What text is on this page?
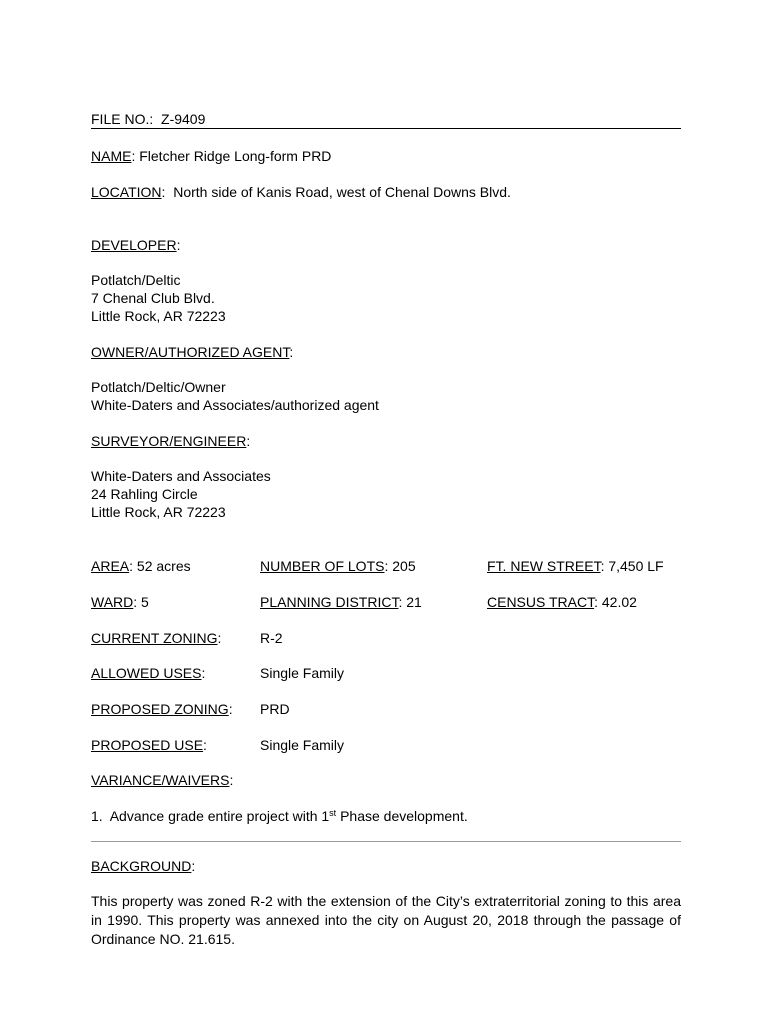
FILE NO.: Z-9409
NAME: Fletcher Ridge Long-form PRD
LOCATION:  North side of Kanis Road, west of Chenal Downs Blvd.
DEVELOPER:
Potlatch/Deltic
7 Chenal Club Blvd.
Little Rock, AR 72223
OWNER/AUTHORIZED AGENT:
Potlatch/Deltic/Owner
White-Daters and Associates/authorized agent
SURVEYOR/ENGINEER:
White-Daters and Associates
24 Rahling Circle
Little Rock, AR 72223
AREA: 52 acres	NUMBER OF LOTS: 205	FT. NEW STREET: 7,450 LF
WARD: 5	PLANNING DISTRICT: 21	CENSUS TRACT: 42.02
CURRENT ZONING:	R-2
ALLOWED USES:	Single Family
PROPOSED ZONING: PRD
PROPOSED USE:	Single Family
VARIANCE/WAIVERS:
1. Advance grade entire project with 1st Phase development.
BACKGROUND:
This property was zoned R-2 with the extension of the City’s extraterritorial zoning to this area in 1990. This property was annexed into the city on August 20, 2018 through the passage of Ordinance NO. 21.615.
